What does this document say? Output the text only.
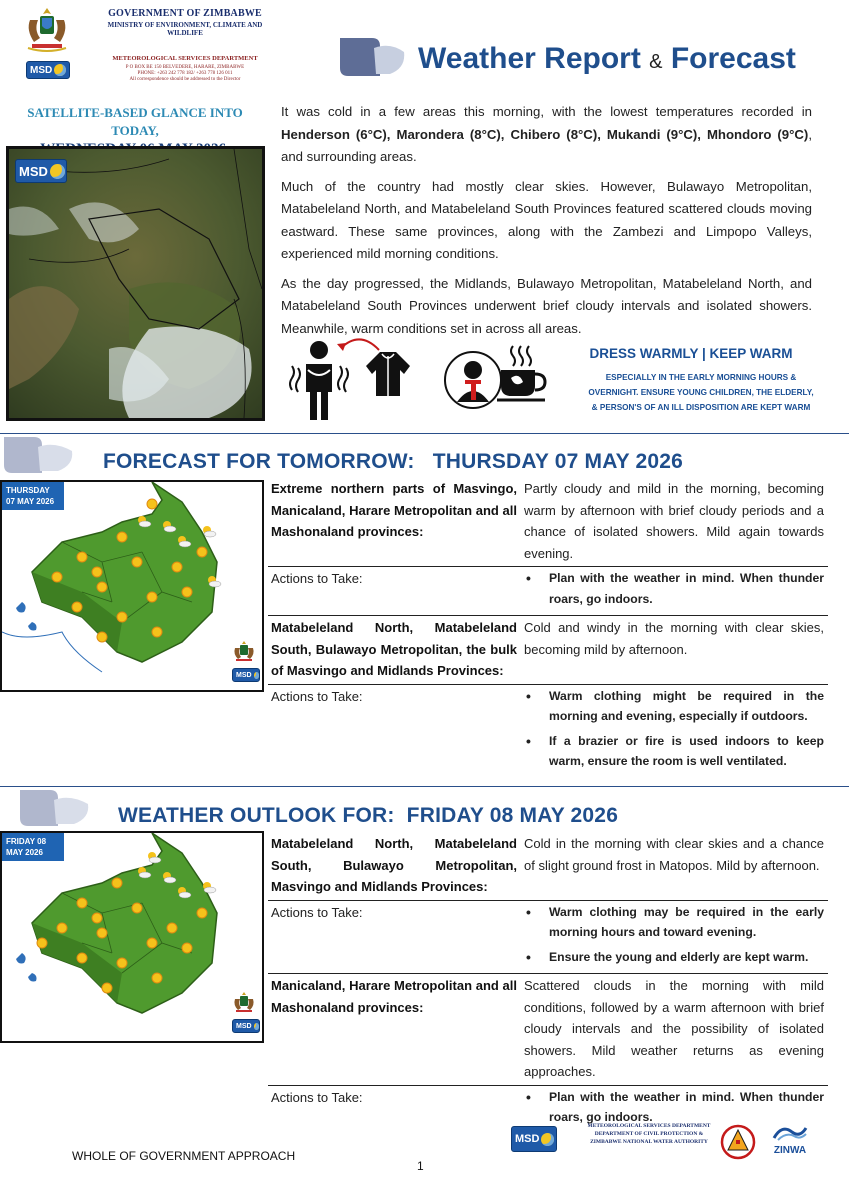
MSD
GOVERNMENT OF ZIMBABWE
MINISTRY OF ENVIRONMENT, CLIMATE AND WILDLIFE
METEOROLOGICAL SERVICES DEPARTMENT
P O BOX BE 150 BELVEDERE, HARARE, ZIMBABWE
PHONE: +263 242 778 182/ +263 778 126 011
All correspondence should be addressed to the Director
Weather Report & Forecast
SATELLITE-BASED GLANCE INTO TODAY,
MSD

It was cold in a few areas this morning, with the lowest temperatures recorded in Henderson (6°C), Marondera (8°C), Chibero (8°C), Mukandi (9°C), Mhondoro (9°C), and surrounding areas.

Much of the country had mostly clear skies. However, Bulawayo Metropolitan, Matabeleland North, and Matabeleland South Provinces featured scattered clouds moving eastward. These same provinces, along with the Zambezi and Limpopo Valleys, experienced mild morning conditions.

As the day progressed, the Midlands, Bulawayo Metropolitan, Matabeleland North, and Matabeleland South Provinces underwent brief cloudy intervals and isolated showers. Meanwhile, warm conditions set in across all areas.

DRESS WARMLY | KEEP WARM
ESPECIALLY IN THE EARLY MORNING HOURS &
OVERNIGHT. ENSURE YOUNG CHILDREN, THE ELDERLY,
& PERSON'S OF AN ILL DISPOSITION ARE KEPT WARM
FORECAST FOR TOMORROW: THURSDAY 07 MAY 2026
THURSDAY 07 MAY 2026
MSD
Extreme northern parts of Masvingo, Manicaland, Harare Metropolitan and all Mashonaland provinces:
Partly cloudy and mild in the morning, becoming warm by afternoon with brief cloudy periods and a chance of isolated showers. Mild again towards evening.
Actions to Take:	• Plan with the weather in mind. When thunder roars, go indoors.
Matabeleland North, Matabeleland South, Bulawayo Metropolitan, the bulk of Masvingo and Midlands Provinces:
Cold and windy in the morning with clear skies, becoming mild by afternoon.
Actions to Take:	• Warm clothing might be required in the morning and evening, especially if outdoors.
• If a brazier or fire is used indoors to keep warm, ensure the room is well ventilated.
WEATHER OUTLOOK FOR: FRIDAY 08 MAY 2026
FRIDAY 08 MAY 2026
MSD
Matabeleland North, Matabeleland South, Bulawayo Metropolitan, Masvingo and Midlands Provinces:
Cold in the morning with clear skies and a chance of slight ground frost in Matopos. Mild by afternoon.
Actions to Take:	• Warm clothing may be required in the early morning hours and toward evening.
• Ensure the young and elderly are kept warm.
Manicaland, Harare Metropolitan and all Mashonaland provinces:
Scattered clouds in the morning with mild conditions, followed by a warm afternoon with brief cloudy intervals and the possibility of isolated showers. Mild weather returns as evening approaches.
Actions to Take:	• Plan with the weather in mind. When thunder roars, go indoors.
WHOLE OF GOVERNMENT APPROACH
1
MSD
METEOROLOGICAL SERVICES DEPARTMENT
DEPARTMENT OF CIVIL PROTECTION &
ZIMBABWE NATIONAL WATER AUTHORITY
ZINWA
